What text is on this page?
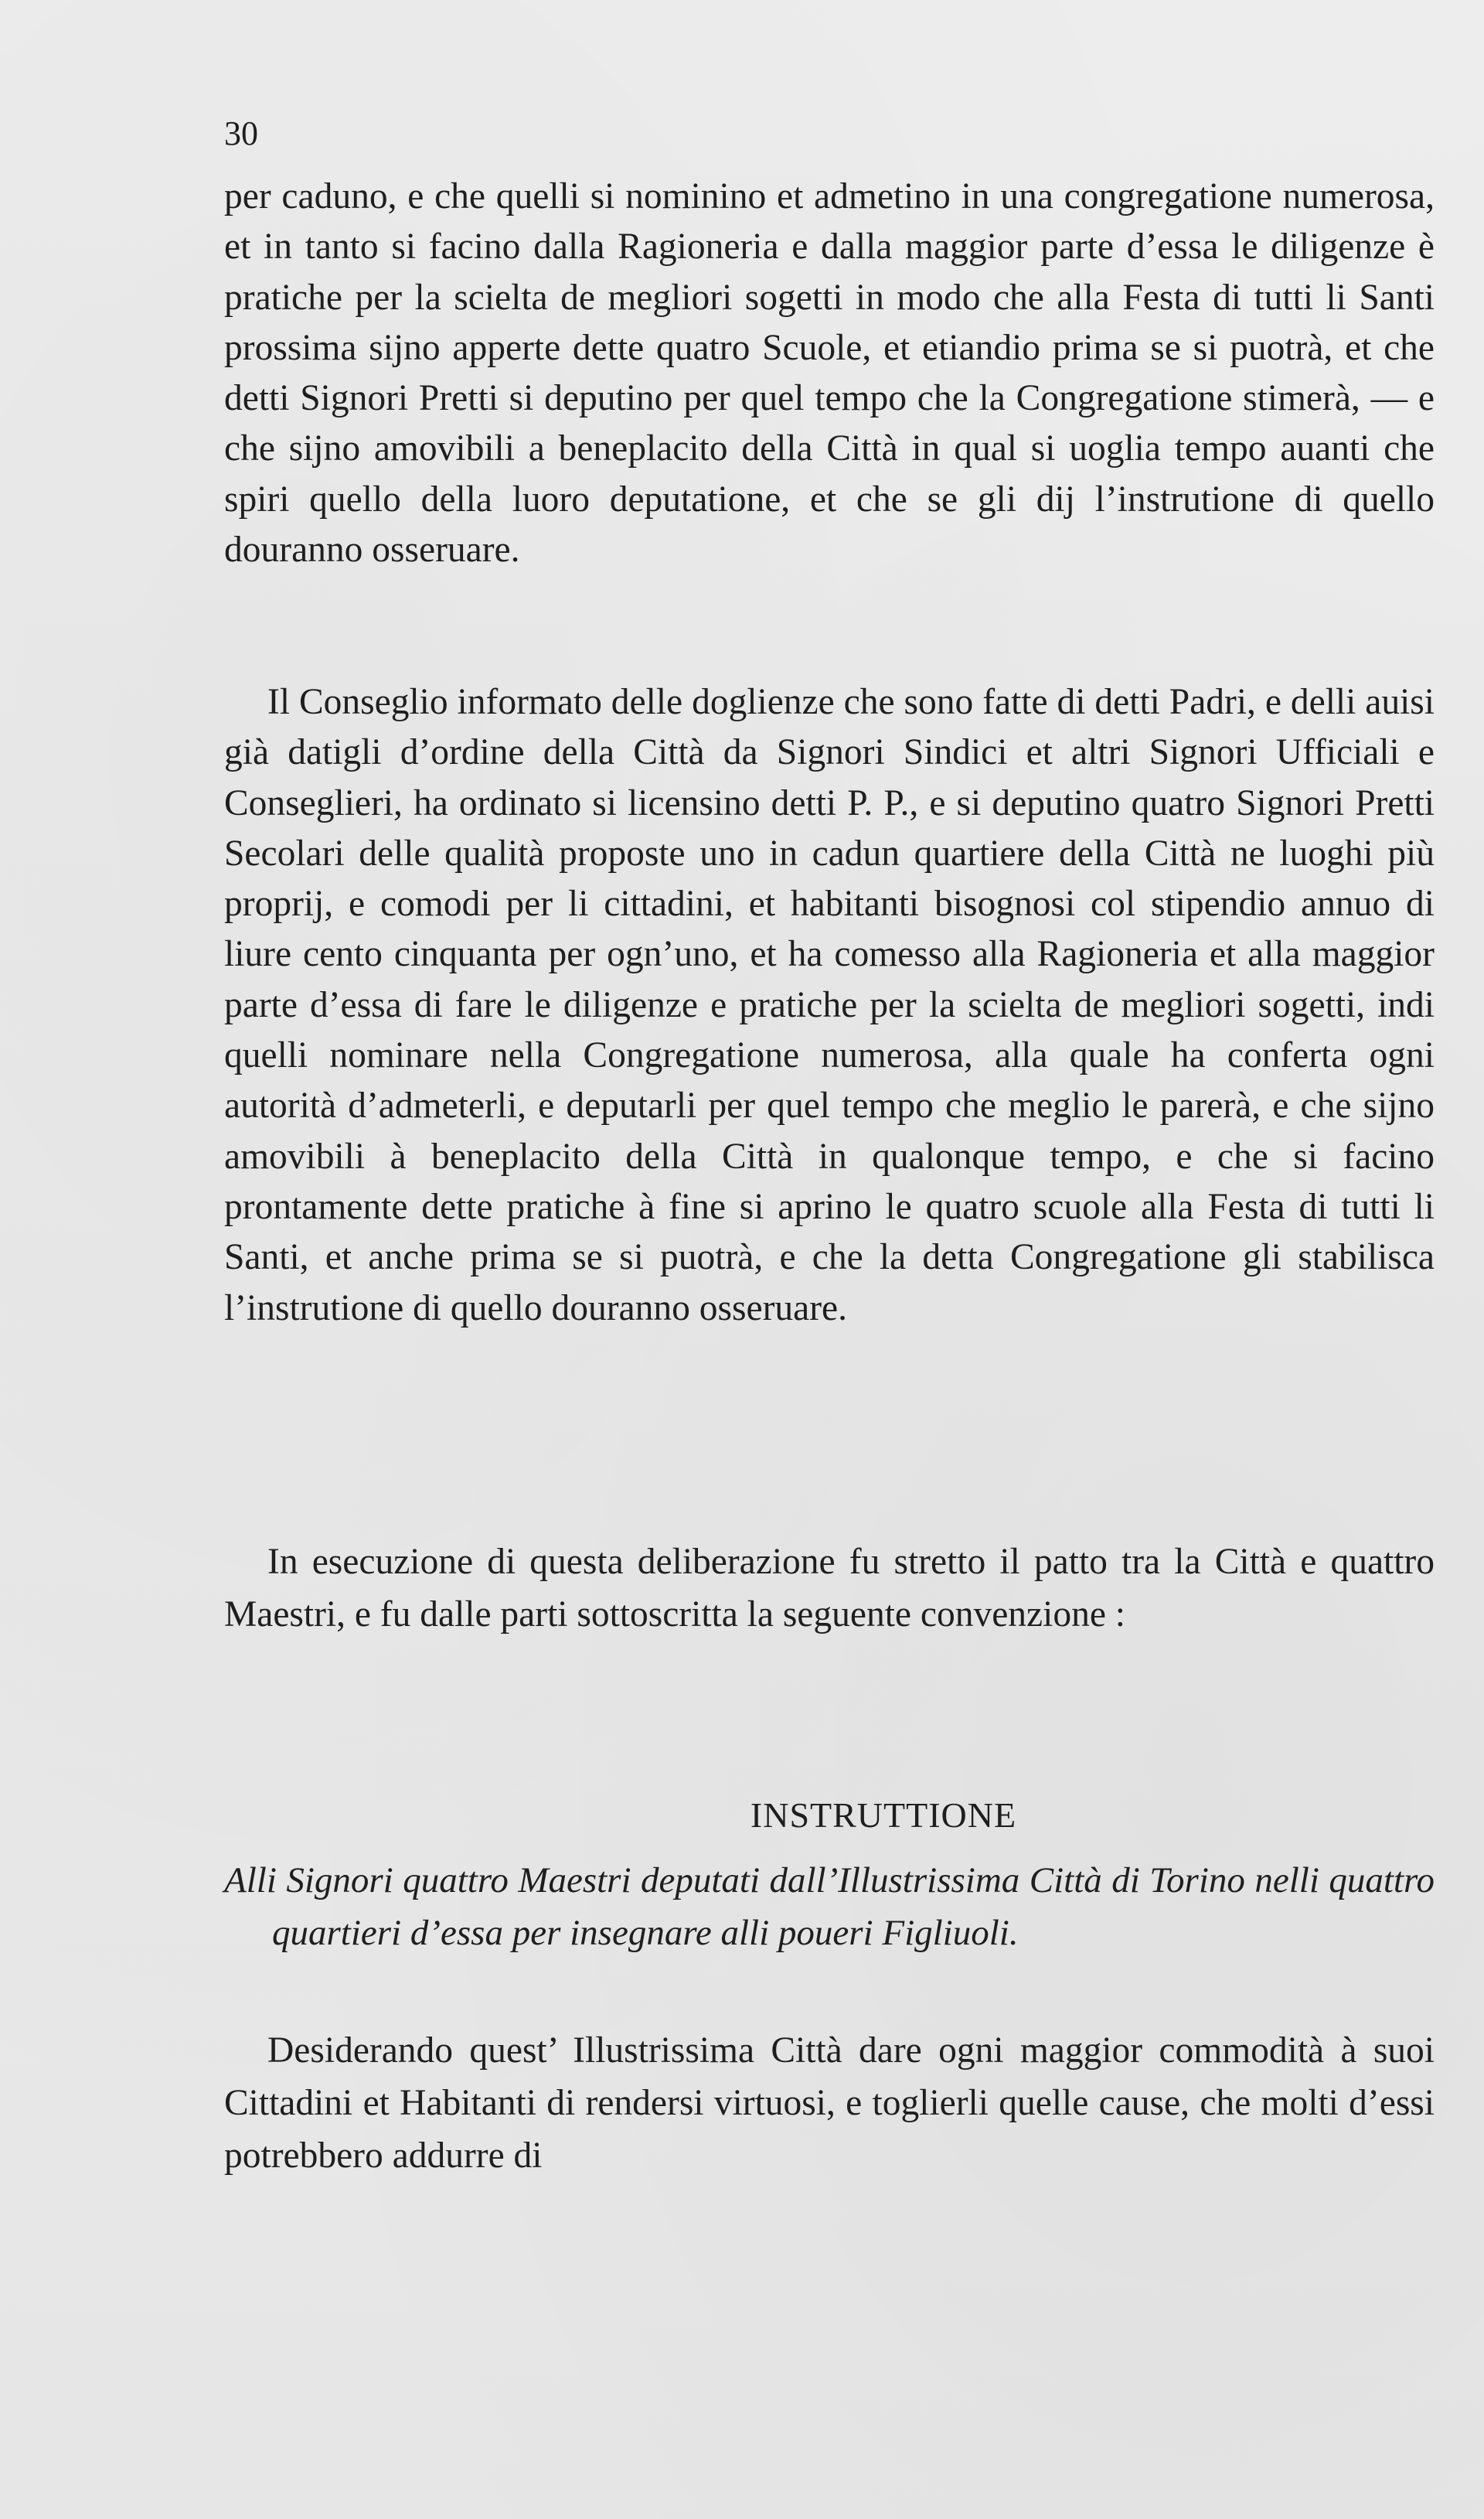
30

per caduno, e che quelli si nominino et admetino in una congregatione numerosa, et in tanto si facino dalla Ragioneria e dalla maggior parte d’essa le diligenze è pratiche per la scielta de megliori sogetti in modo che alla Festa di tutti li Santi prossima sijno apperte dette quatro Scuole, et etiandio prima se si puotrà, et che detti Signori Pretti si deputino per quel tempo che la Congregatione stimerà, — e che sijno amovibili a beneplacito della Città in qual si uoglia tempo auanti che spiri quello della luoro deputatione, et che se gli dij l’instrutione di quello douranno osseruare.

Il Conseglio informato delle doglienze che sono fatte di detti Padri, e delli auisi già datigli d’ordine della Città da Signori Sindici et altri Signori Ufficiali e Conseglieri, ha ordinato si licensino detti P. P., e si deputino quatro Signori Pretti Secolari delle qualità proposte uno in cadun quartiere della Città ne luoghi più proprij, e comodi per li cittadini, et habitanti bisognosi col stipendio annuo di liure cento cinquanta per ogn’uno, et ha comesso alla Ragioneria et alla maggior parte d’essa di fare le diligenze e pratiche per la scielta de megliori sogetti, indi quelli nominare nella Congregatione numerosa, alla quale ha conferta ogni autorità d’admeterli, e deputarli per quel tempo che meglio le parerà, e che sijno amovibili à beneplacito della Città in qualonque tempo, e che si facino prontamente dette pratiche à fine si aprino le quatro scuole alla Festa di tutti li Santi, et anche prima se si puotrà, e che la detta Congregatione gli stabilisca l’instrutione di quello douranno osseruare.

In esecuzione di questa deliberazione fu stretto il patto tra la Città e quattro Maestri, e fu dalle parti sottoscritta la seguente convenzione :

INSTRUTTIONE
Alli Signori quattro Maestri deputati dall’Illustrissima Città di Torino nelli quattro quartieri d’essa per insegnare alli poueri Figliuoli.

Desiderando quest’ Illustrissima Città dare ogni maggior commodità à suoi Cittadini et Habitanti di rendersi virtuosi, e toglierli quelle cause, che molti d’essi potrebbero addurre di
